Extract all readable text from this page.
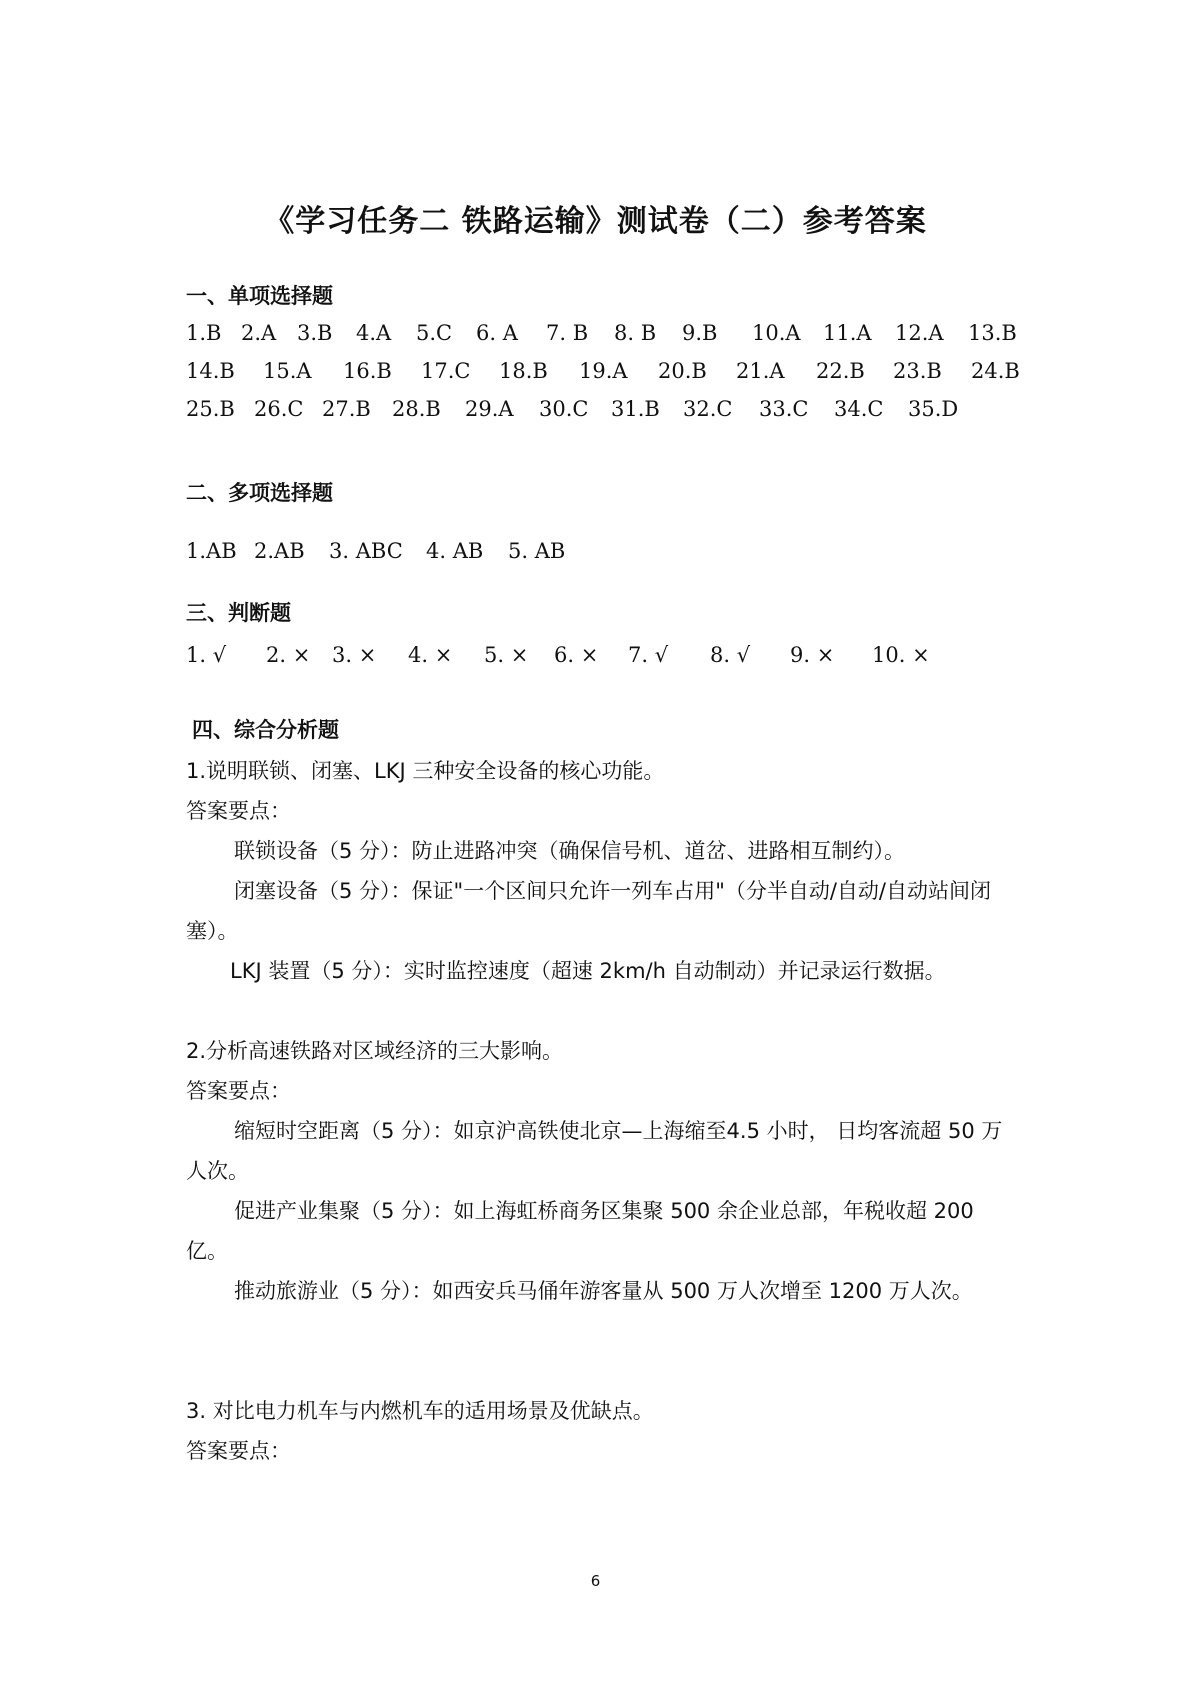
《学习任务二 铁路运输》测试卷（二）参考答案
一、单项选择题
1.B 2.A 3.B 4.A 5.C 6. A 7. B 8. B 9.B 10.A 11.A 12.A 13.B
14.B 15.A 16.B 17.C 18.B 19.A 20.B 21.A 22.B 23.B 24.B
25.B 26.C 27.B 28.B 29.A 30.C 31.B 32.C 33.C 34.C 35.D
二、多项选择题
1.AB 2.AB 3. ABC 4. AB 5. AB
三、判断题
1. √ 2. × 3. × 4. × 5. × 6. × 7. √ 8. √ 9. × 10. ×
四、综合分析题
1.说明联锁、闭塞、LKJ 三种安全设备的核心功能。
答案要点：
联锁设备（5 分）：防止进路冲突（确保信号机、道岔、进路相互制约）。
闭塞设备（5 分）：保证"一个区间只允许一列车占用"（分半自动/自动/自动站间闭塞）。
LKJ 装置（5 分）：实时监控速度（超速 2km/h 自动制动）并记录运行数据。
2.分析高速铁路对区域经济的三大影响。
答案要点：
缩短时空距离（5 分）：如京沪高铁使北京—上海缩至4.5 小时， 日均客流超 50 万人次。
促进产业集聚（5 分）：如上海虹桥商务区集聚 500 余企业总部，年税收超 200 亿。
推动旅游业（5 分）：如西安兵马俑年游客量从 500 万人次增至 1200 万人次。
3. 对比电力机车与内燃机车的适用场景及优缺点。
答案要点：
6
